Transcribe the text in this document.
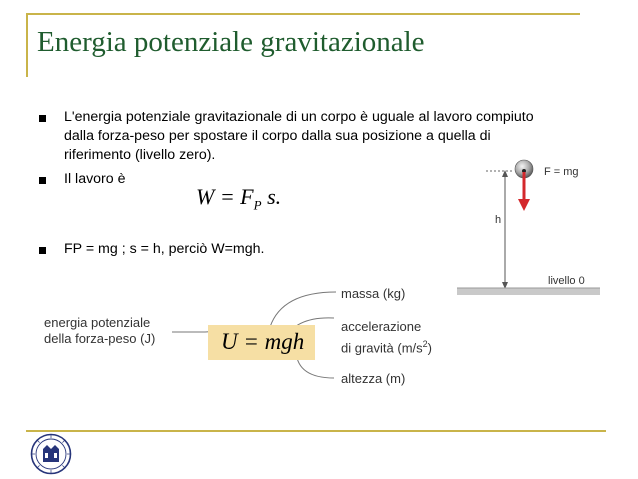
Energia potenziale gravitazionale
L'energia potenziale gravitazionale di un corpo è uguale al lavoro compiuto
dalla forza-peso per spostare il corpo dalla sua posizione a quella di
riferimento (livello zero).
Il lavoro è
$W = F_P$ s.
FP = mg ; s = h, perciò W=mgh.
F = mg
h
livello 0
U = mgh
energia potenziale
della forza-peso (J)
massa (kg)
accelerazione
di gravità $(m/s^2)$
altezza (m)
